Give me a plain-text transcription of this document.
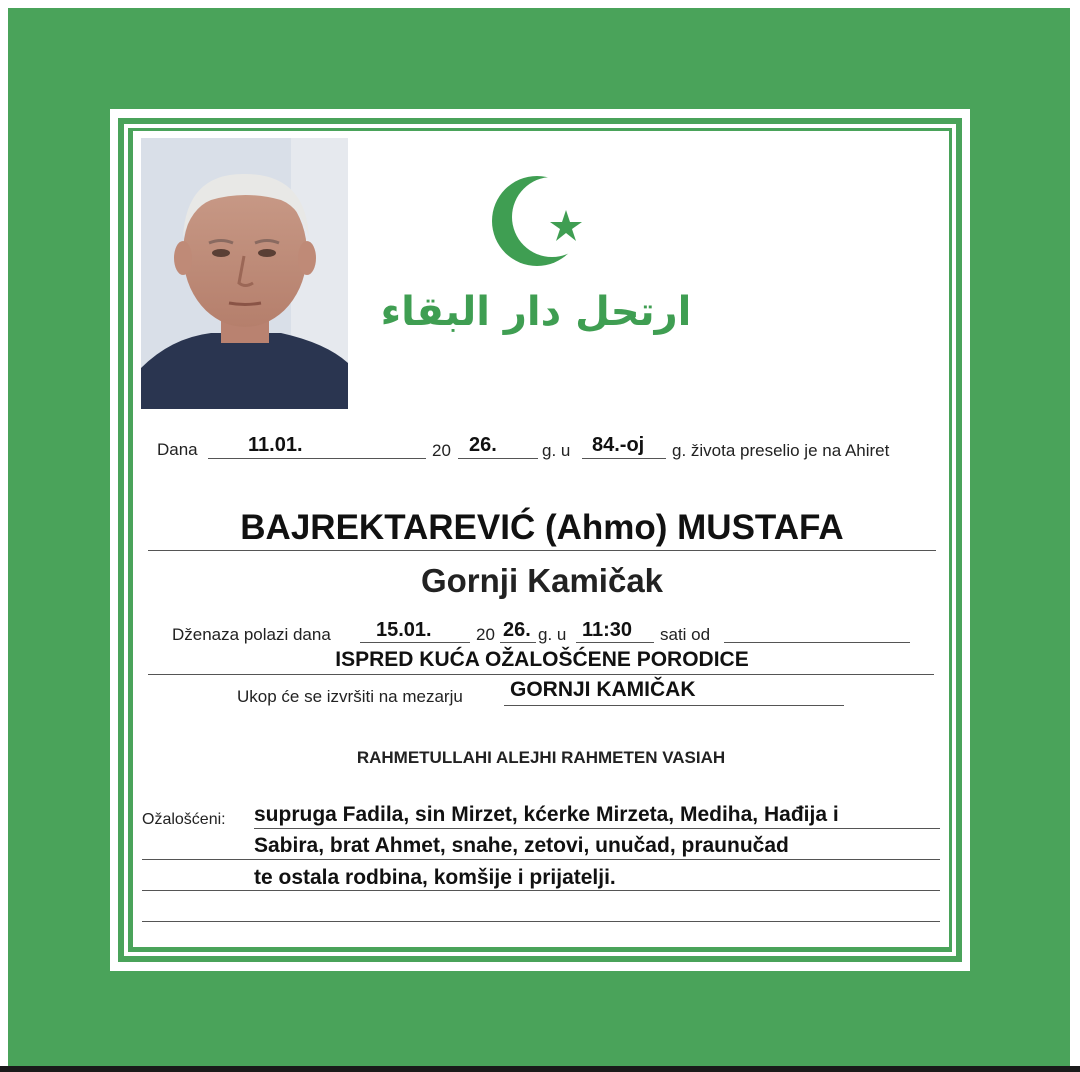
ارتحل دار البقاء
Dana	11.01.	20 26.	g. u 84.-oj g. života preselio je na Ahiret
BAJREKTAREVIĆ (Ahmo) MUSTAFA
Gornji Kamičak
Dženaza polazi dana 15.01.	20 26. g. u 11:30 sati od
ISPRED KUĆA OŽALOŠĆENE PORODICE
Ukop će se izvršiti na mezarju GORNJI KAMIČAK
RAHMETULLAHI ALEJHI RAHMETEN VASIAH
Ožalošćeni: supruga Fadila, sin Mirzet, kćerke Mirzeta, Mediha, Hađija i
Sabira, brat Ahmet, snahe, zetovi, unučad, praunučad
te ostala rodbina, komšije i prijatelji.
